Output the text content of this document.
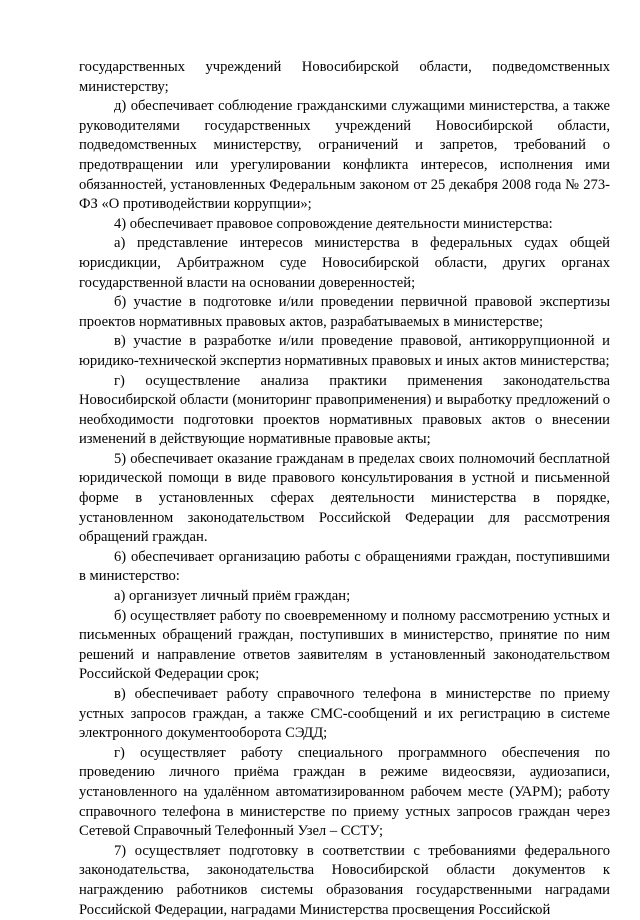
государственных учреждений Новосибирской области, подведомственных министерству;

д) обеспечивает соблюдение гражданскими служащими министерства, а также руководителями государственных учреждений Новосибирской области, подведомственных министерству, ограничений и запретов, требований о предотвращении или урегулировании конфликта интересов, исполнения ими обязанностей, установленных Федеральным законом от 25 декабря 2008 года № 273-ФЗ «О противодействии коррупции»;

4) обеспечивает правовое сопровождение деятельности министерства:

а) представление интересов министерства в федеральных судах общей юрисдикции, Арбитражном суде Новосибирской области, других органах государственной власти на основании доверенностей;

б) участие в подготовке и/или проведении первичной правовой экспертизы проектов нормативных правовых актов, разрабатываемых в министерстве;

в) участие в разработке и/или проведение правовой, антикоррупционной и юридико-технической экспертиз нормативных правовых и иных актов министерства;

г) осуществление анализа практики применения законодательства Новосибирской области (мониторинг правоприменения) и выработку предложений о необходимости подготовки проектов нормативных правовых актов о внесении изменений в действующие нормативные правовые акты;

5) обеспечивает оказание гражданам в пределах своих полномочий бесплатной юридической помощи в виде правового консультирования в устной и письменной форме в установленных сферах деятельности министерства в порядке, установленном законодательством Российской Федерации для рассмотрения обращений граждан.

6) обеспечивает организацию работы с обращениями граждан, поступившими в министерство:

а) организует личный приём граждан;

б) осуществляет работу по своевременному и полному рассмотрению устных и письменных обращений граждан, поступивших в министерство, принятие по ним решений и направление ответов заявителям в установленный законодательством Российской Федерации срок;

в) обеспечивает работу справочного телефона в министерстве по приему устных запросов граждан, а также СМС-сообщений и их регистрацию в системе электронного документооборота СЭДД;

г) осуществляет работу специального программного обеспечения по проведению личного приёма граждан в режиме видеосвязи, аудиозаписи, установленного на удалённом автоматизированном рабочем месте (УАРМ); работу справочного телефона в министерстве по приему устных запросов граждан через Сетевой Справочный Телефонный Узел – ССТУ;

7) осуществляет подготовку в соответствии с требованиями федерального законодательства, законодательства Новосибирской области документов к награждению работников системы образования государственными наградами Российской Федерации, наградами Министерства просвещения Российской
